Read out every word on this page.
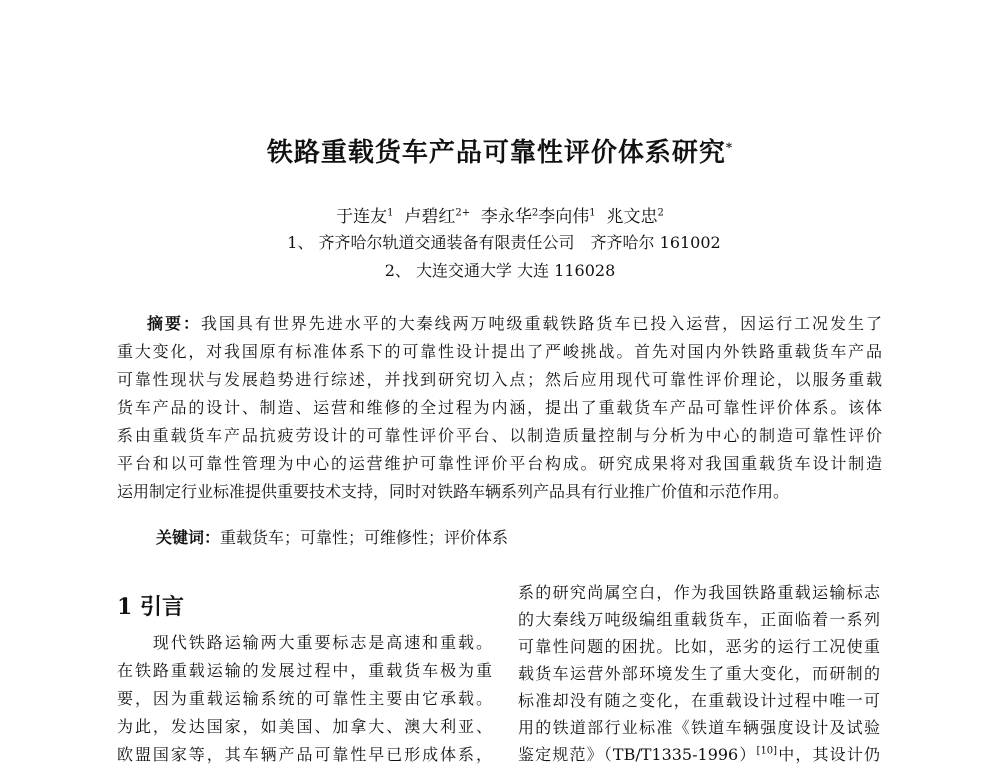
铁路重载货车产品可靠性评价体系研究*
于连友$^1$ 卢碧红$^{2+}$ 李永华$^2$李向伟$^1$ 兆文忠$^2$
1、 齐齐哈尔轨道交通装备有限责任公司　齐齐哈尔 161002
2、 大连交通大学 大连 116028
摘要：我国具有世界先进水平的大秦线两万吨级重载铁路货车已投入运营，因运行工况发生了
重大变化，对我国原有标准体系下的可靠性设计提出了严峻挑战。首先对国内外铁路重载货车产品
可靠性现状与发展趋势进行综述，并找到研究切入点；然后应用现代可靠性评价理论，以服务重载
货车产品的设计、制造、运营和维修的全过程为内涵，提出了重载货车产品可靠性评价体系。该体
系由重载货车产品抗疲劳设计的可靠性评价平台、以制造质量控制与分析为中心的制造可靠性评价
平台和以可靠性管理为中心的运营维护可靠性评价平台构成。研究成果将对我国重载货车设计制造
运用制定行业标准提供重要技术支持，同时对铁路车辆系列产品具有行业推广价值和示范作用。
关键词：重载货车；可靠性；可维修性；评价体系
1 引言
　　现代铁路运输两大重要标志是高速和重载。
在铁路重载运输的发展过程中，重载货车极为重
要，因为重载运输系统的可靠性主要由它承载。
为此，发达国家，如美国、加拿大、澳大利亚、
欧盟国家等，其车辆产品可靠性早已形成体系，
系的研究尚属空白，作为我国铁路重载运输标志
的大秦线万吨级编组重载货车，正面临着一系列
可靠性问题的困扰。比如，恶劣的运行工况使重
载货车运营外部环境发生了重大变化，而研制的
标准却没有随之变化，在重载设计过程中唯一可
用的铁道部行业标准《铁道车辆强度设计及试验
鉴定规范》（TB/T1335-1996）[10]中，其设计仍
